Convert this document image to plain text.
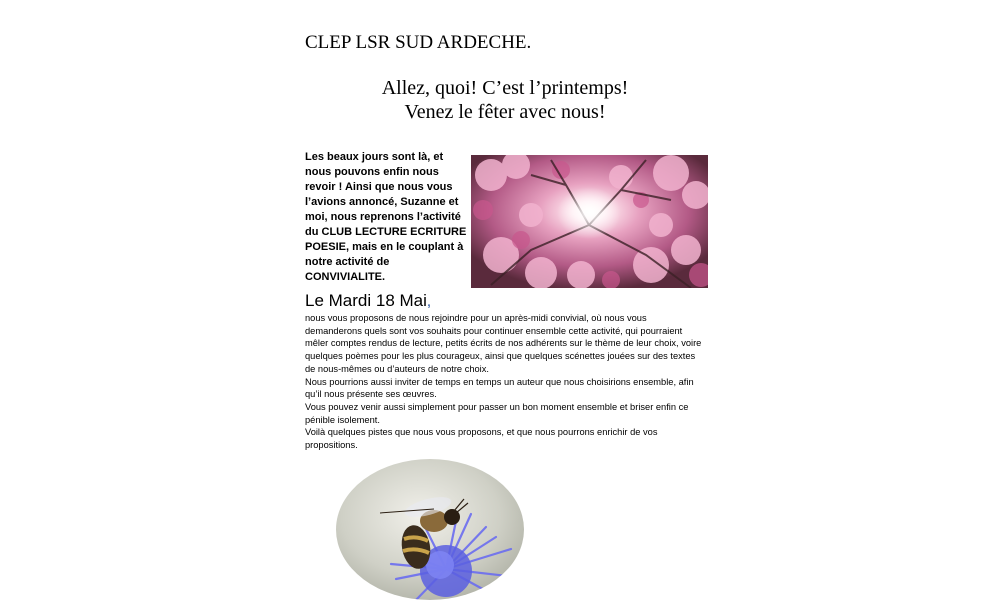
CLEP LSR SUD ARDECHE.
Allez, quoi! C’est l’printemps!
Venez le fêter avec nous!
Les beaux jours sont là, et nous pouvons enfin nous revoir ! Ainsi que nous vous l’avions annoncé, Suzanne et moi, nous reprenons l’activité du CLUB LECTURE ECRITURE POESIE, mais en le couplant à notre activité de CONVIVIALITE.
Le Mardi 18 Mai,

nous vous proposons de nous rejoindre pour un après-midi convivial, où nous vous demanderons quels sont vos souhaits pour continuer ensemble cette activité, qui pourraient mêler comptes rendus de lecture, petits écrits de nos adhérents sur le thème de leur choix, voire quelques poèmes pour les plus courageux, ainsi que quelques scénettes jouées sur des textes de nous-mêmes ou d’auteurs de notre choix.

Nous pourrions aussi inviter de temps en temps un auteur que nous choisirions ensemble, afin qu’il nous présente ses œuvres.

Vous pouvez venir aussi simplement pour passer un bon moment ensemble et briser enfin ce pénible isolement.

Voilà quelques pistes que nous vous proposons, et que nous pourrons enrichir de vos propositions.
